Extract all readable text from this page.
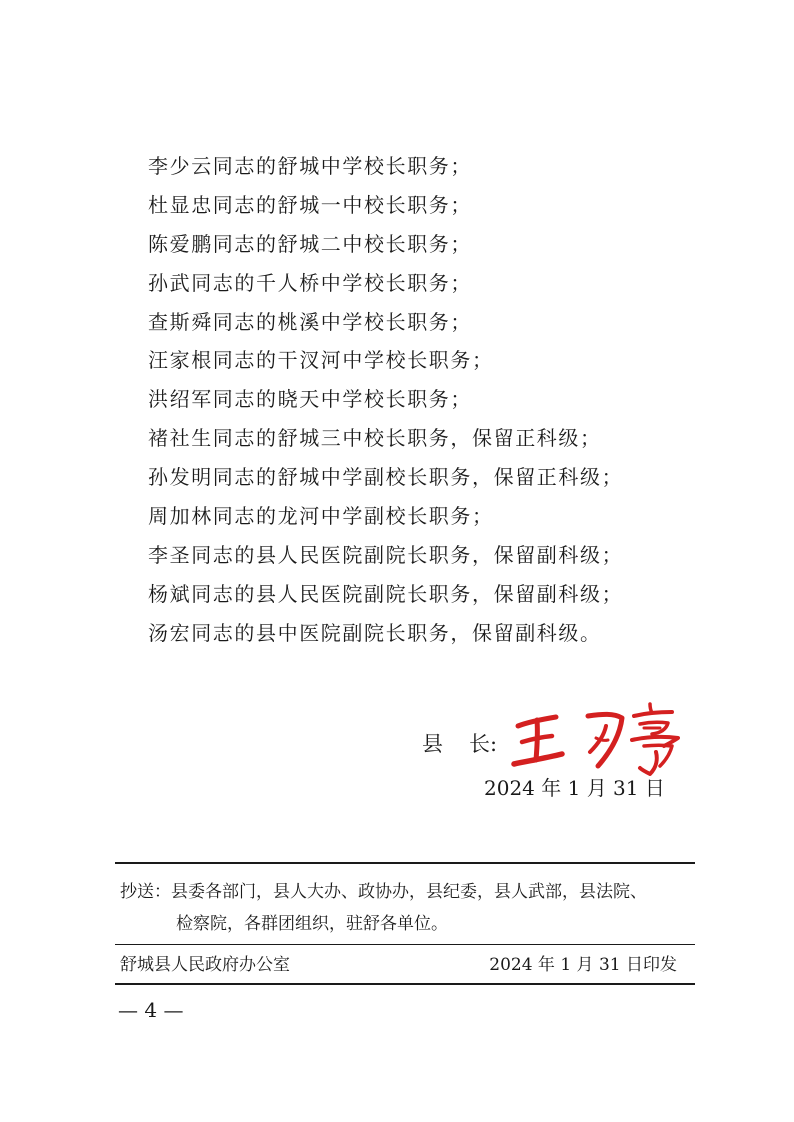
李少云同志的舒城中学校长职务；
杜显忠同志的舒城一中校长职务；
陈爱鹏同志的舒城二中校长职务；
孙武同志的千人桥中学校长职务；
查斯舜同志的桃溪中学校长职务；
汪家根同志的干汊河中学校长职务；
洪绍军同志的晓天中学校长职务；
褚社生同志的舒城三中校长职务，保留正科级；
孙发明同志的舒城中学副校长职务，保留正科级；
周加林同志的龙河中学副校长职务；
李圣同志的县人民医院副院长职务，保留副科级；
杨斌同志的县人民医院副院长职务，保留副科级；
汤宏同志的县中医院副院长职务，保留副科级。
县 长:
2024 年 1 月 31 日
抄送：县委各部门，县人大办、政协办，县纪委，县人武部，县法院、
检察院，各群团组织，驻舒各单位。
舒城县人民政府办公室	2024 年 1 月 31 日印发
— 4 —
